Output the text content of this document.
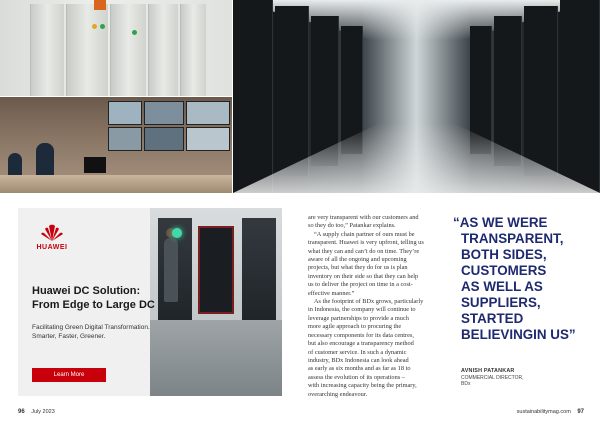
HUAWEI
Huawei DC Solution:
From Edge to Large DC
Facilitating Green Digital Transformation.
Smarter, Faster, Greener.
Learn More
are very transparent with our customers and
so they do too,” Patankar explains.
“A supply chain partner of ours must be
transparent. Huawei is very upfront, telling us
what they can and can’t do on time. They’re
aware of all the ongoing and upcoming
projects, but what they do for us is plan
inventory on their side so that they can help
us to deliver the project on time in a cost-
effective manner.”
As the footprint of BDx grows, particularly
in Indonesia, the company will continue to
leverage partnerships to provide a much
more agile approach to procuring the
necessary components for its data centres,
but also encourage a transparency method
of customer service. In such a dynamic
industry, BDx Indonesia can look ahead
as early as six months and as far as 18 to
assess the evolution of its operations –
with increasing capacity being the primary,
overarching endeavour.
“AS WE WERE
TRANSPARENT,
BOTH SIDES,
CUSTOMERS
AS WELL AS
SUPPLIERS,
STARTED
BELIEVINGIN US”
AVNISH PATANKAR
COMMERCIAL DIRECTOR,
BDx
96 July 2023	sustainabilitymag.com 97
